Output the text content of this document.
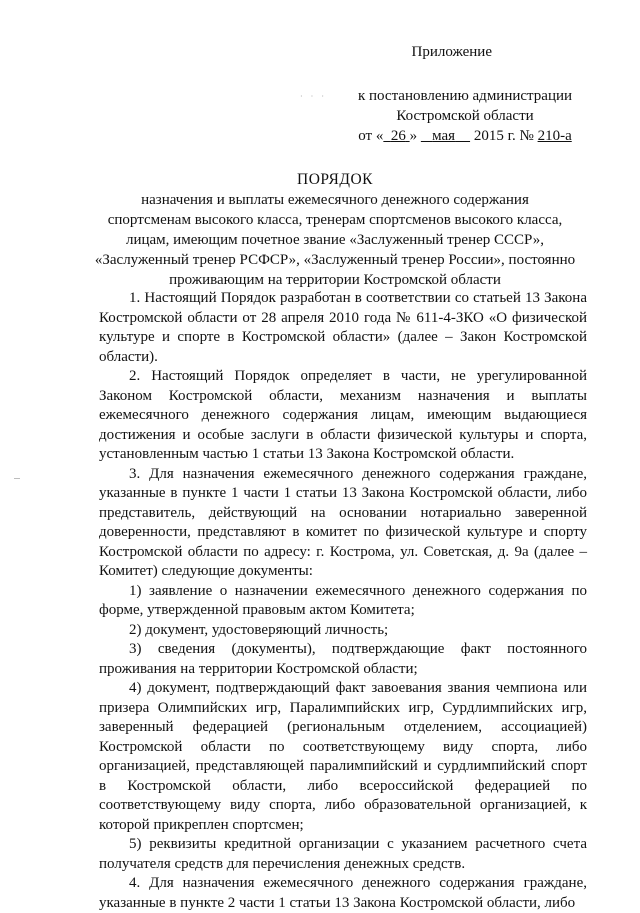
Приложение
· · ·	к постановлению администрации
Костромской области
от « 26 » мая 2015 г. № 210-а
ПОРЯДОК
назначения и выплаты ежемесячного денежного содержания
спортсменам высокого класса, тренерам спортсменов высокого класса,
лицам, имеющим почетное звание «Заслуженный тренер СССР»,
«Заслуженный тренер РСФСР», «Заслуженный тренер России», постоянно
проживающим на территории Костромской области

1. Настоящий Порядок разработан в соответствии со статьей 13 Закона Костромской области от 28 апреля 2010 года № 611-4-ЗКО «О физической культуре и спорте в Костромской области» (далее – Закон Костромской области).

2. Настоящий Порядок определяет в части, не урегулированной Законом Костромской области, механизм назначения и выплаты ежемесячного денежного содержания лицам, имеющим выдающиеся достижения и особые заслуги в области физической культуры и спорта, установленным частью 1 статьи 13 Закона Костромской области.

3. Для назначения ежемесячного денежного содержания граждане, указанные в пункте 1 части 1 статьи 13 Закона Костромской области, либо представитель, действующий на основании нотариально заверенной доверенности, представляют в комитет по физической культуре и спорту Костромской области по адресу: г. Кострома, ул. Советская, д. 9а (далее – Комитет) следующие документы:

1) заявление о назначении ежемесячного денежного содержания по форме, утвержденной правовым актом Комитета;

2) документ, удостоверяющий личность;

3) сведения (документы), подтверждающие факт постоянного проживания на территории Костромской области;

4) документ, подтверждающий факт завоевания звания чемпиона или призера Олимпийских игр, Паралимпийских игр, Сурдлимпийских игр, заверенный федерацией (региональным отделением, ассоциацией) Костромской области по соответствующему виду спорта, либо организацией, представляющей паралимпийский и сурдлимпийский спорт в Костромской области, либо всероссийской федерацией по соответствующему виду спорта, либо образовательной организацией, к которой прикреплен спортсмен;

5) реквизиты кредитной организации с указанием расчетного счета получателя средств для перечисления денежных средств.

4. Для назначения ежемесячного денежного содержания граждане, указанные в пункте 2 части 1 статьи 13 Закона Костромской области, либо
